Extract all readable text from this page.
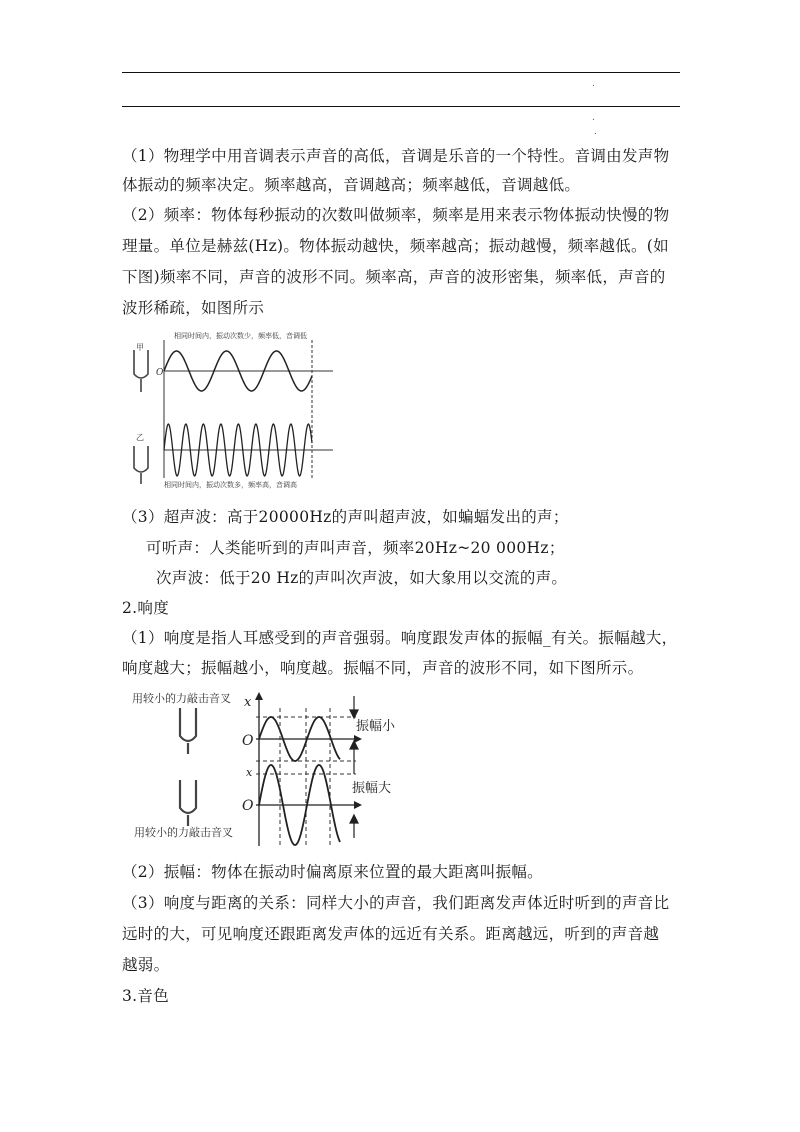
.
.
.
（1）物理学中用音调表示声音的高低，音调是乐音的一个特性。音调由发声物
体振动的频率决定。频率越高，音调越高；频率越低，音调越低。
（2）频率：物体每秒振动的次数叫做频率，频率是用来表示物体振动快慢的物
理量。单位是赫兹(Hz)。物体振动越快，频率越高；振动越慢，频率越低。(如
下图)频率不同，声音的波形不同。频率高，声音的波形密集，频率低，声音的
波形稀疏，如图所示
相同时间内，振动次数少，频率低，音调低
相同时间内，振动次数多，频率高，音调高
甲
乙
O
（3）超声波：高于20000Hz的声叫超声波，如蝙蝠发出的声；
可听声：人类能听到的声叫声音，频率20Hz~20 000Hz；
次声波：低于20 Hz的声叫次声波，如大象用以交流的声。
2.响度
（1）响度是指人耳感受到的声音强弱。响度跟发声体的振幅_有关。振幅越大，
响度越大；振幅越小，响度越。振幅不同，声音的波形不同，如下图所示。
用较小的力敲击音叉
用较小的力敲击音叉
振幅小
振幅大
x
x
O
O
（2）振幅：物体在振动时偏离原来位置的最大距离叫振幅。
（3）响度与距离的关系：同样大小的声音，我们距离发声体近时听到的声音比
远时的大，可见响度还跟距离发声体的远近有关系。距离越远，听到的声音越
越弱。
3.音色
